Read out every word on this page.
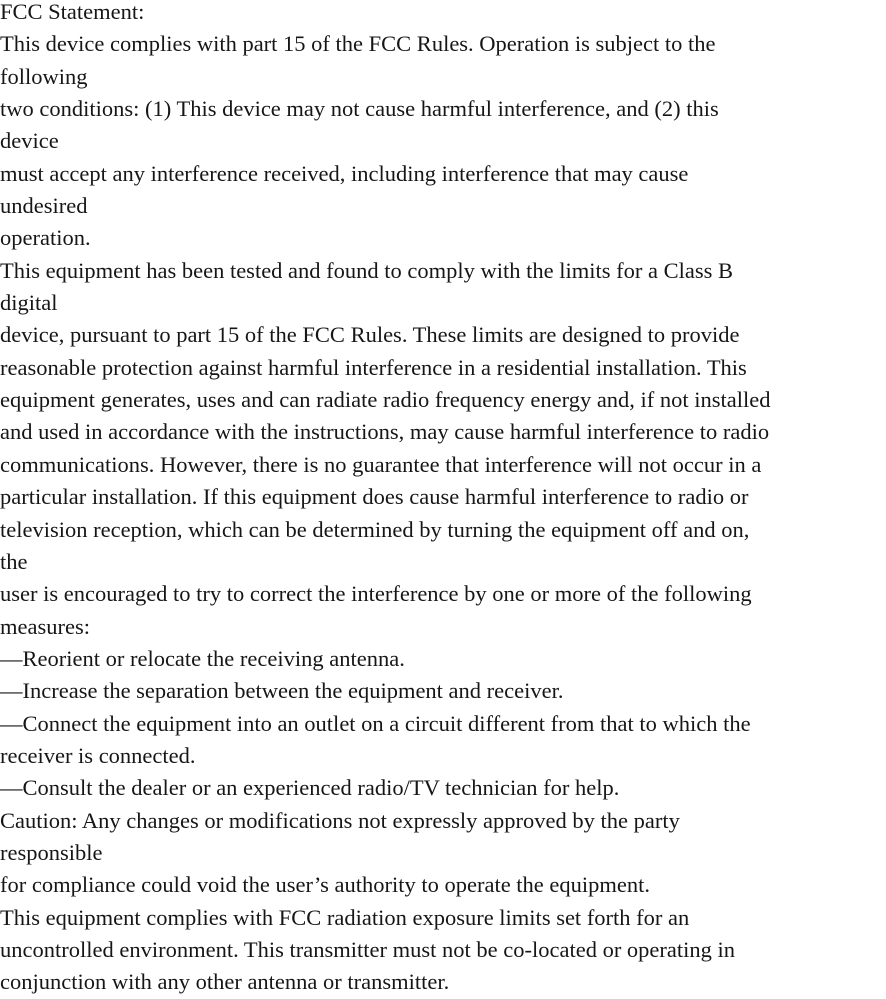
FCC Statement:
This device complies with part 15 of the FCC Rules. Operation is subject to the
following
two conditions: (1) This device may not cause harmful interference, and (2) this
device
must accept any interference received, including interference that may cause
undesired
operation.
This equipment has been tested and found to comply with the limits for a Class B
digital
device, pursuant to part 15 of the FCC Rules. These limits are designed to provide
reasonable protection against harmful interference in a residential installation. This
equipment generates, uses and can radiate radio frequency energy and, if not installed
and used in accordance with the instructions, may cause harmful interference to radio
communications. However, there is no guarantee that interference will not occur in a
particular installation. If this equipment does cause harmful interference to radio or
television reception, which can be determined by turning the equipment off and on,
the
user is encouraged to try to correct the interference by one or more of the following
measures:
—Reorient or relocate the receiving antenna.
—Increase the separation between the equipment and receiver.
—Connect the equipment into an outlet on a circuit different from that to which the
receiver is connected.
—Consult the dealer or an experienced radio/TV technician for help.
Caution: Any changes or modifications not expressly approved by the party
responsible
for compliance could void the user’s authority to operate the equipment.
This equipment complies with FCC radiation exposure limits set forth for an
uncontrolled environment. This transmitter must not be co-located or operating in
conjunction with any other antenna or transmitter.
